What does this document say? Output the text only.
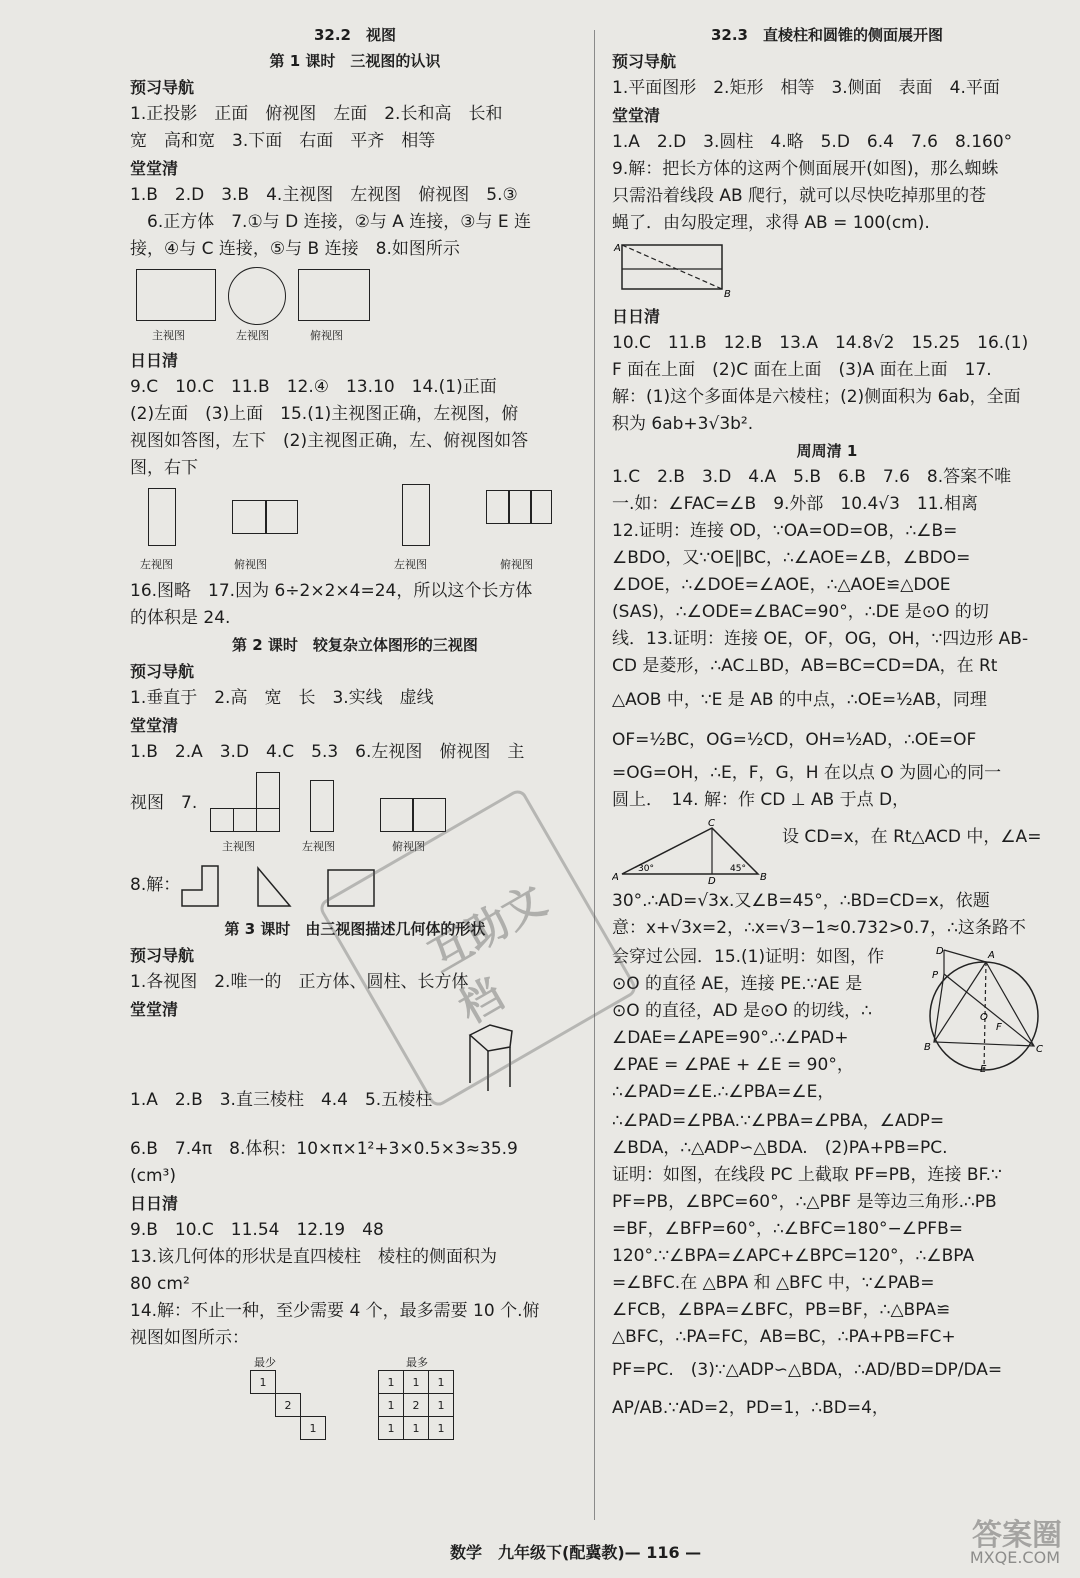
32.2　视图
第 1 课时　三视图的认识
预习导航
1.正投影　正面　俯视图　左面　2.长和高　长和
宽　高和宽　3.下面　右面　平齐　相等
堂堂清
1.B　2.D　3.B　4.主视图　左视图　俯视图　5.③
　6.正方体　7.①与 D 连接，②与 A 连接，③与 E 连
接，④与 C 连接，⑤与 B 连接　8.如图所示
主视图	左视图	俯视图
日日清
9.C　10.C　11.B　12.④　13.10　14.(1)正面
(2)左面　(3)上面　15.(1)主视图正确，左视图，俯
视图如答图，左下　(2)主视图正确，左、俯视图如答
图，右下
左视图	俯视图	左视图	俯视图
16.图略　17.因为 6÷2×2×4=24，所以这个长方体
的体积是 24.
第 2 课时　较复杂立体图形的三视图
预习导航
1.垂直于　2.高　宽　长　3.实线　虚线
堂堂清
1.B　2.A　3.D　4.C　5.3　6.左视图　俯视图　主
视图　7.
主视图	左视图	俯视图
8.解：
第 3 课时　由三视图描述几何体的形状
预习导航
1.各视图　2.唯一的　正方体、圆柱、长方体
堂堂清
1.A　2.B　3.直三棱柱　4.4　5.五棱柱
6.B　7.4π　8.体积：10×π×1²+3×0.5×3≈35.9
(cm³)
日日清
9.B　10.C　11.54　12.19　48
13.该几何体的形状是直四棱柱　棱柱的侧面积为
80 cm²
14.解：不止一种，至少需要 4 个，最多需要 10 个.俯
视图如图所示：
最少
1		
	2	
		1
最多
1	1	1
1	2	1
1	1	1
32.3　直棱柱和圆锥的侧面展开图
预习导航
1.平面图形　2.矩形　相等　3.侧面　表面　4.平面
堂堂清
1.A　2.D　3.圆柱　4.略　5.D　6.4　7.6　8.160°
9.解：把长方体的这两个侧面展开(如图)，那么蜘蛛
只需沿着线段 AB 爬行，就可以尽快吃掉那里的苍
蝇了．由勾股定理，求得 AB = 100(cm).
A
B
日日清
10.C　11.B　12.B　13.A　14.8√2　15.25　16.(1)
F 面在上面　(2)C 面在上面　(3)A 面在上面　17.
解：(1)这个多面体是六棱柱；(2)侧面积为 6ab，全面
积为 6ab+3√3b².
周周清 1
1.C　2.B　3.D　4.A　5.B　6.B　7.6　8.答案不唯
一.如：∠FAC=∠B　9.外部　10.4√3　11.相离
12.证明：连接 OD，∵OA=OD=OB，∴∠B=
∠BDO，又∵OE∥BC，∴∠AOE=∠B，∠BDO=
∠DOE，∴∠DOE=∠AOE，∴△AOE≌△DOE
(SAS)，∴∠ODE=∠BAC=90°，∴DE 是⊙O 的切
线．13.证明：连接 OE，OF，OG，OH，∵四边形 AB-
CD 是菱形，∴AC⊥BD，AB=BC=CD=DA，在 Rt
△AOB 中，∵E 是 AB 的中点，∴OE=½AB，同理
OF=½BC，OG=½CD，OH=½AD，∴OE=OF
=OG=OH，∴E，F，G，H 在以点 O 为圆心的同一
圆上．　14. 解：作 CD ⊥ AB 于点 D，
C
A	D	B
30°	45°
设 CD=x，在 Rt△ACD 中，∠A=
30°.∴AD=√3x.又∠B=45°，∴BD=CD=x，依题
意：x+√3x=2，∴x=√3−1≈0.732>0.7，∴这条路不
会穿过公园．15.(1)证明：如图，作
⊙O 的直径 AE，连接 PE.∵AE 是
⊙O 的直径，AD 是⊙O 的切线，∴
∠DAE=∠APE=90°.∴∠PAD+
∠PAE = ∠PAE + ∠E = 90°，
∴∠PAD=∠E.∴∠PBA=∠E，
D	A
P
O
F
B	C
E
∴∠PAD=∠PBA.∵∠PBA=∠PBA，∠ADP=
∠BDA，∴△ADP∽△BDA.　(2)PA+PB=PC.
证明：如图，在线段 PC 上截取 PF=PB，连接 BF.∵
PF=PB，∠BPC=60°，∴△PBF 是等边三角形.∴PB
=BF，∠BFP=60°，∴∠BFC=180°−∠PFB=
120°.∵∠BPA=∠APC+∠BPC=120°，∴∠BPA
=∠BFC.在 △BPA 和 △BFC 中，∵∠PAB=
∠FCB，∠BPA=∠BFC，PB=BF，∴△BPA≌
△BFC，∴PA=FC，AB=BC，∴PA+PB=FC+
PF=PC.　(3)∵△ADP∽△BDA，∴AD/BD=DP/DA=
AP/AB.∵AD=2，PD=1，∴BD=4，
互助文档
数学　九年级下(配冀教)— 116 —	答案圈
MXQE.COM
